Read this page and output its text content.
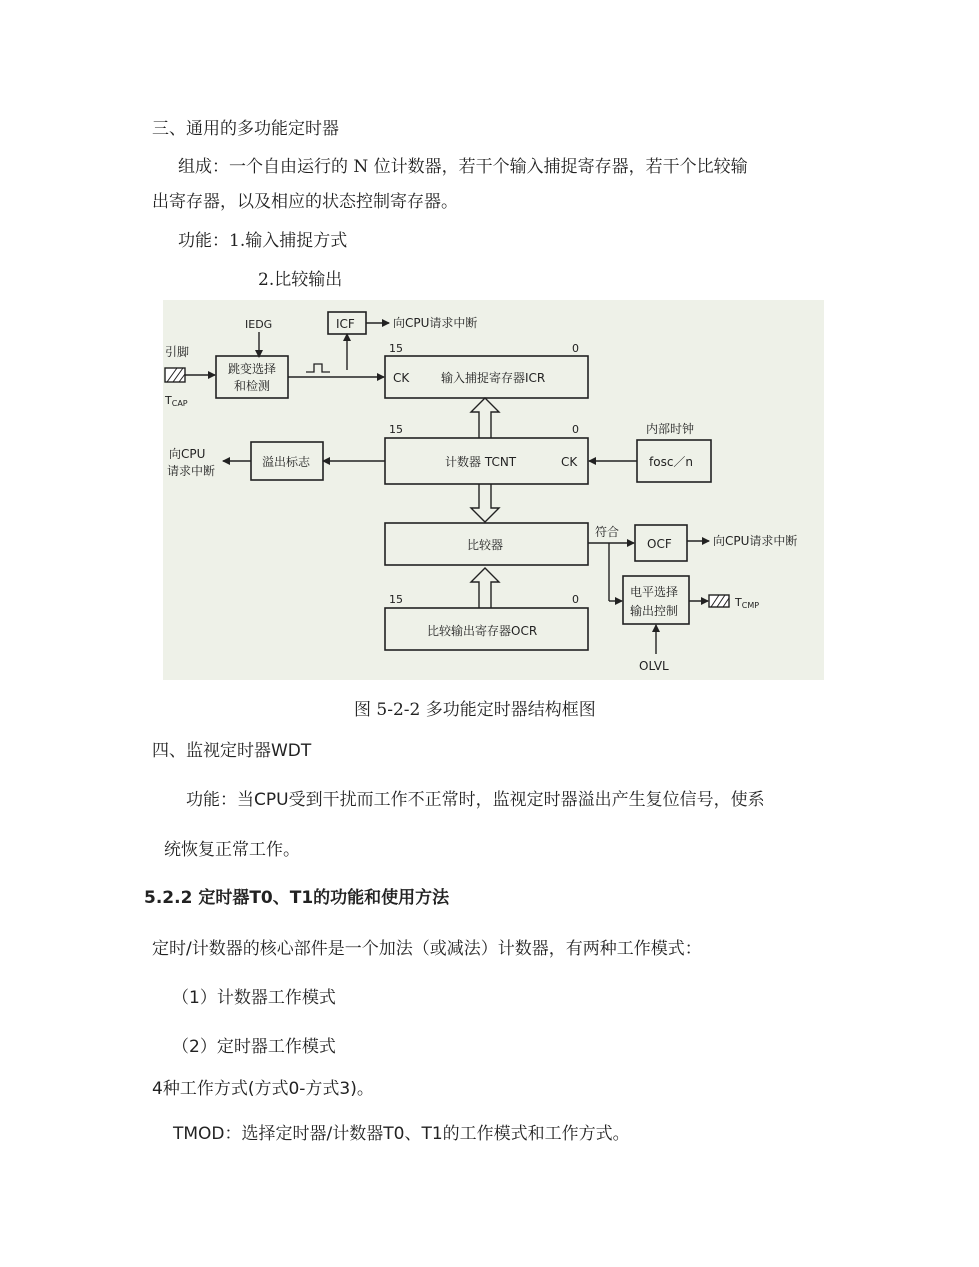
三、通用的多功能定时器
组成：一个自由运行的 N 位计数器，若干个输入捕捉寄存器，若干个比较输
出寄存器，以及相应的状态控制寄存器。
功能：1.输入捕捉方式
2.比较输出
IEDG	ICF	向CPU请求中断
引脚
TCAP
跳变选择
和检测
15	0
CK	输入捕捉寄存器ICR
15	0
计数器 TCNT	CK
内部时钟
fosc／n
溢出标志
向CPU
请求中断
比较器
符合
OCF	向CPU请求中断
15	0
比较输出寄存器OCR
电平选择
输出控制
TCMP
OLVL
图 5-2-2 多功能定时器结构框图
四、监视定时器WDT
功能：当CPU受到干扰而工作不正常时，监视定时器溢出产生复位信号，使系
统恢复正常工作。
5.2.2 定时器T0、T1的功能和使用方法
定时/计数器的核心部件是一个加法（或减法）计数器，有两种工作模式：
（1）计数器工作模式
（2）定时器工作模式
4种工作方式(方式0-方式3)。
TMOD：选择定时器/计数器T0、T1的工作模式和工作方式。
